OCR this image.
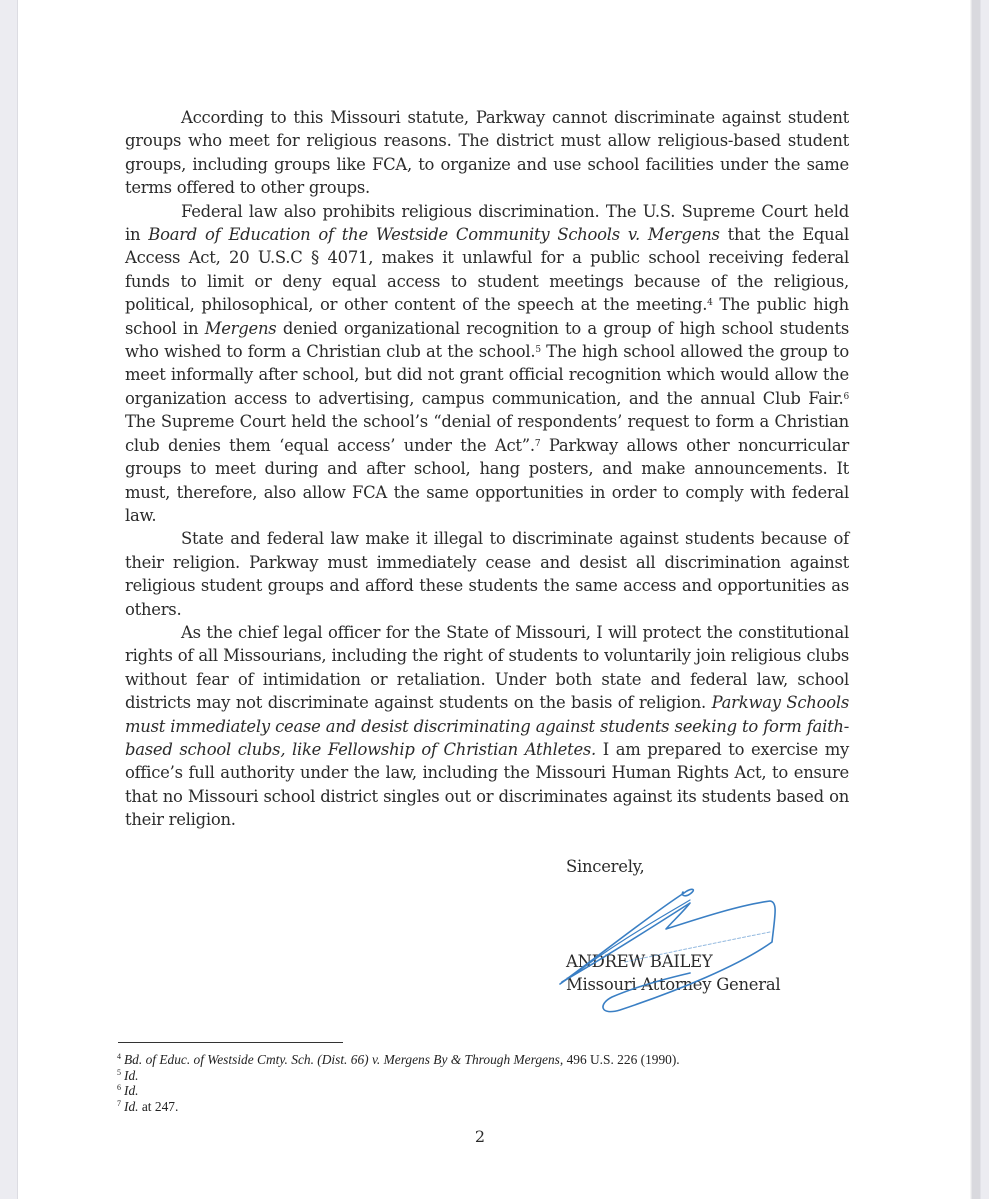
According to this Missouri statute, Parkway cannot discriminate against student groups who meet for religious reasons. The district must allow religious-based student groups, including groups like FCA, to organize and use school facilities under the same terms offered to other groups.

Federal law also prohibits religious discrimination. The U.S. Supreme Court held in Board of Education of the Westside Community Schools v. Mergens that the Equal Access Act, 20 U.S.C § 4071, makes it unlawful for a public school receiving federal funds to limit or deny equal access to student meetings because of the religious, political, philosophical, or other content of the speech at the meeting.$^4$ The public high school in Mergens denied organizational recognition to a group of high school students who wished to form a Christian club at the school.$^5$ The high school allowed the group to meet informally after school, but did not grant official recognition which would allow the organization access to advertising, campus communication, and the annual Club Fair.$^6$ The Supreme Court held the school’s “denial of respondents’ request to form a Christian club denies them ‘equal access’ under the Act”.$^7$ Parkway allows other noncurricular groups to meet during and after school, hang posters, and make announcements. It must, therefore, also allow FCA the same opportunities in order to comply with federal law.

State and federal law make it illegal to discriminate against students because of their religion. Parkway must immediately cease and desist all discrimination against religious student groups and afford these students the same access and opportunities as others.

As the chief legal officer for the State of Missouri, I will protect the constitutional rights of all Missourians, including the right of students to voluntarily join religious clubs without fear of intimidation or retaliation. Under both state and federal law, school districts may not discriminate against students on the basis of religion. Parkway Schools must immediately cease and desist discriminating against students seeking to form faith-based school clubs, like Fellowship of Christian Athletes. I am prepared to exercise my office’s full authority under the law, including the Missouri Human Rights Act, to ensure that no Missouri school district singles out or discriminates against its students based on their religion.

Sincerely,
ANDREW BAILEY
Missouri Attorney General

$^4$ Bd. of Educ. of Westside Cmty. Sch. (Dist. 66) v. Mergens By & Through Mergens, 496 U.S. 226 (1990).

$^5$ Id.

$^6$ Id.

$^7$ Id. at 247.

2
